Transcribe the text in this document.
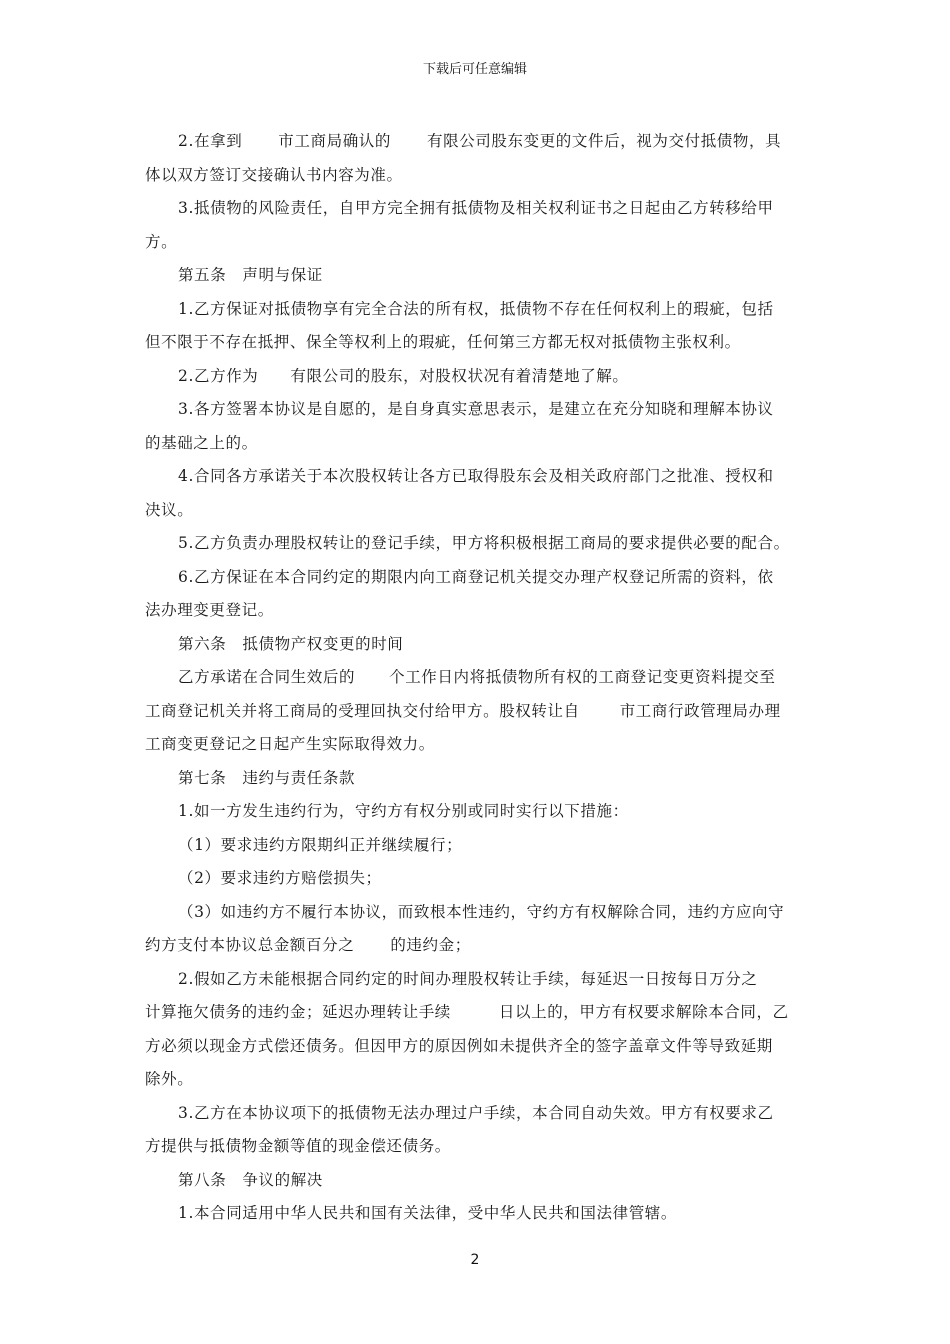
下载后可任意编辑

2.在拿到 市工商局确认的 有限公司股东变更的文件后，视为交付抵债物，具
体以双方签订交接确认书内容为准。

3.抵债物的风险责任，自甲方完全拥有抵债物及相关权利证书之日起由乙方转移给甲
方。

第五条　声明与保证

1.乙方保证对抵债物享有完全合法的所有权，抵债物不存在任何权利上的瑕疵，包括
但不限于不存在抵押、保全等权利上的瑕疵，任何第三方都无权对抵债物主张权利。

2.乙方作为 有限公司的股东，对股权状况有着清楚地了解。

3.各方签署本协议是自愿的，是自身真实意思表示，是建立在充分知晓和理解本协议
的基础之上的。

4.合同各方承诺关于本次股权转让各方已取得股东会及相关政府部门之批准、授权和
决议。

5.乙方负责办理股权转让的登记手续，甲方将积极根据工商局的要求提供必要的配合。

6.乙方保证在本合同约定的期限内向工商登记机关提交办理产权登记所需的资料，依
法办理变更登记。

第六条　抵债物产权变更的时间

乙方承诺在合同生效后的 个工作日内将抵债物所有权的工商登记变更资料提交至
工商登记机关并将工商局的受理回执交付给甲方。股权转让自	市工商行政管理局办理
工商变更登记之日起产生实际取得效力。

第七条　违约与责任条款

1.如一方发生违约行为，守约方有权分别或同时实行以下措施：

（1）要求违约方限期纠正并继续履行；

（2）要求违约方赔偿损失；

（3）如违约方不履行本协议，而致根本性违约，守约方有权解除合同，违约方应向守
约方支付本协议总金额百分之 的违约金；

2.假如乙方未能根据合同约定的时间办理股权转让手续，每延迟一日按每日万分之
计算拖欠债务的违约金；延迟办理转让手续	日以上的，甲方有权要求解除本合同，乙
方必须以现金方式偿还债务。但因甲方的原因例如未提供齐全的签字盖章文件等导致延期
除外。

3.乙方在本协议项下的抵债物无法办理过户手续，本合同自动失效。甲方有权要求乙
方提供与抵债物金额等值的现金偿还债务。

第八条　争议的解决

1.本合同适用中华人民共和国有关法律，受中华人民共和国法律管辖。

2
